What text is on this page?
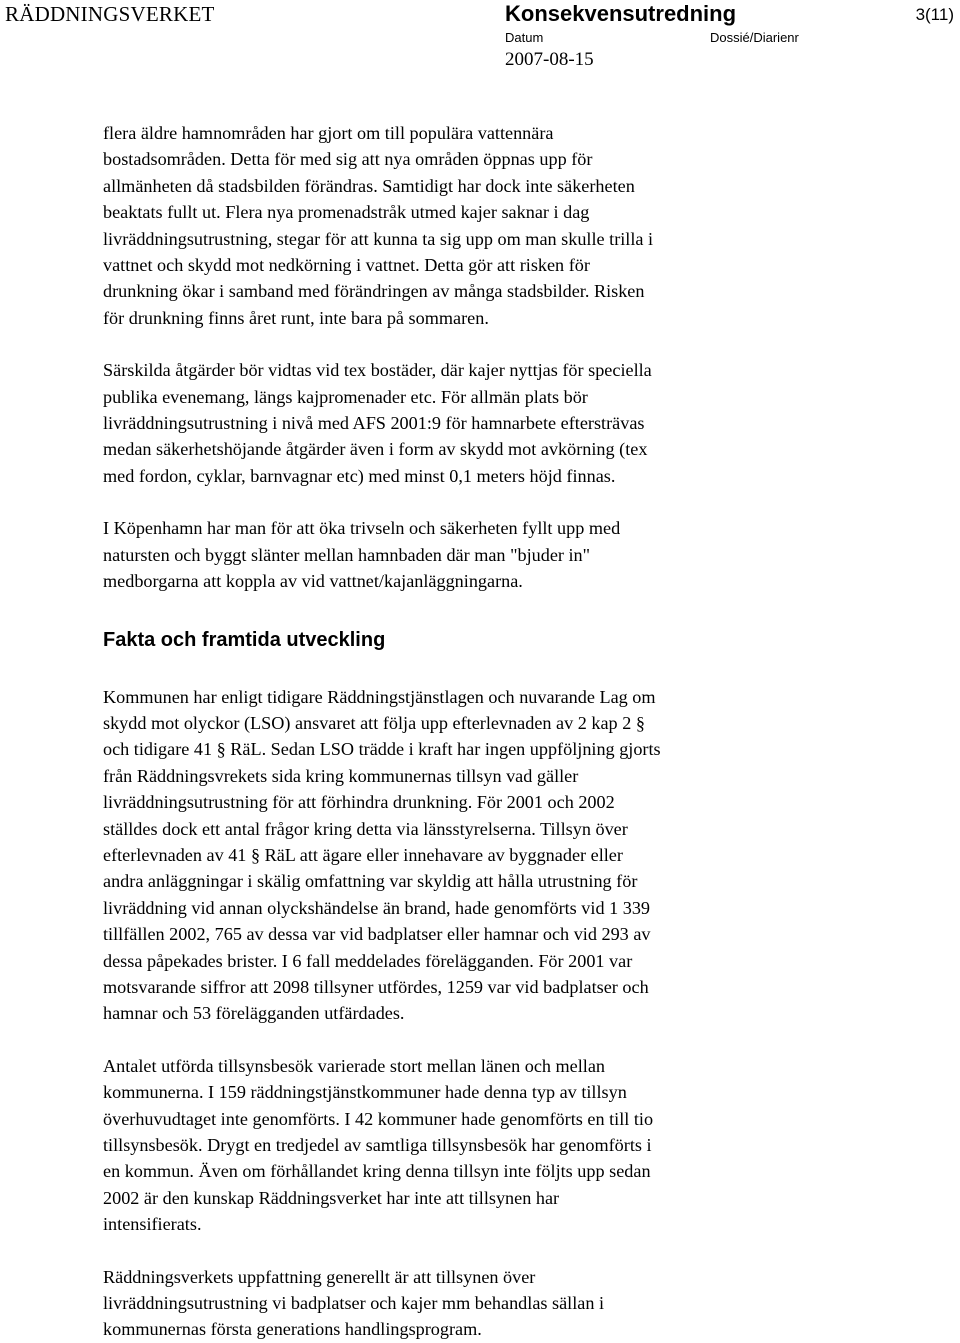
RÄDDNINGSVERKET	Konsekvensutredning
Datum	Dossié/Diarienr
2007-08-15
3(11)

flera äldre hamnområden har gjort om till populära vattennära
bostadsområden. Detta för med sig att nya områden öppnas upp för
allmänheten då stadsbilden förändras. Samtidigt har dock inte säkerheten
beaktats fullt ut. Flera nya promenadstråk utmed kajer saknar i dag
livräddningsutrustning, stegar för att kunna ta sig upp om man skulle trilla i
vattnet och skydd mot nedkörning i vattnet. Detta gör att risken för
drunkning ökar i samband med förändringen av många stadsbilder. Risken
för drunkning finns året runt, inte bara på sommaren.

Särskilda åtgärder bör vidtas vid tex bostäder, där kajer nyttjas för speciella
publika evenemang, längs kajpromenader etc. För allmän plats bör
livräddningsutrustning i nivå med AFS 2001:9 för hamnarbete eftersträvas
medan säkerhetshöjande åtgärder även i form av skydd mot avkörning (tex
med fordon, cyklar, barnvagnar etc) med minst 0,1 meters höjd finnas.

I Köpenhamn har man för att öka trivseln och säkerheten fyllt upp med
natursten och byggt slänter mellan hamnbaden där man "bjuder in"
medborgarna att koppla av vid vattnet/kajanläggningarna.

Fakta och framtida utveckling

Kommunen har enligt tidigare Räddningstjänstlagen och nuvarande Lag om
skydd mot olyckor (LSO) ansvaret att följa upp efterlevnaden av 2 kap 2 §
och tidigare 41 § RäL. Sedan LSO trädde i kraft har ingen uppföljning gjorts
från Räddningsvrekets sida kring kommunernas tillsyn vad gäller
livräddningsutrustning för att förhindra drunkning. För 2001 och 2002
ställdes dock ett antal frågor kring detta via länsstyrelserna. Tillsyn över
efterlevnaden av 41 § RäL att ägare eller innehavare av byggnader eller
andra anläggningar i skälig omfattning var skyldig att hålla utrustning för
livräddning vid annan olyckshändelse än brand, hade genomförts vid 1 339
tillfällen 2002, 765 av dessa var vid badplatser eller hamnar och vid 293 av
dessa påpekades brister. I 6 fall meddelades förelägganden. För 2001 var
motsvarande siffror att 2098 tillsyner utfördes, 1259 var vid badplatser och
hamnar och 53 förelägganden utfärdades.

Antalet utförda tillsynsbesök varierade stort mellan länen och mellan
kommunerna. I 159 räddningstjänstkommuner hade denna typ av tillsyn
överhuvudtaget inte genomförts. I 42 kommuner hade genomförts en till tio
tillsynsbesök. Drygt en tredjedel av samtliga tillsynsbesök har genomförts i
en kommun. Även om förhållandet kring denna tillsyn inte följts upp sedan
2002 är den kunskap Räddningsverket har inte att tillsynen har
intensifierats.

Räddningsverkets uppfattning generellt är att tillsynen över
livräddningsutrustning vi badplatser och kajer mm behandlas sällan i
kommunernas första generations handlingsprogram.
